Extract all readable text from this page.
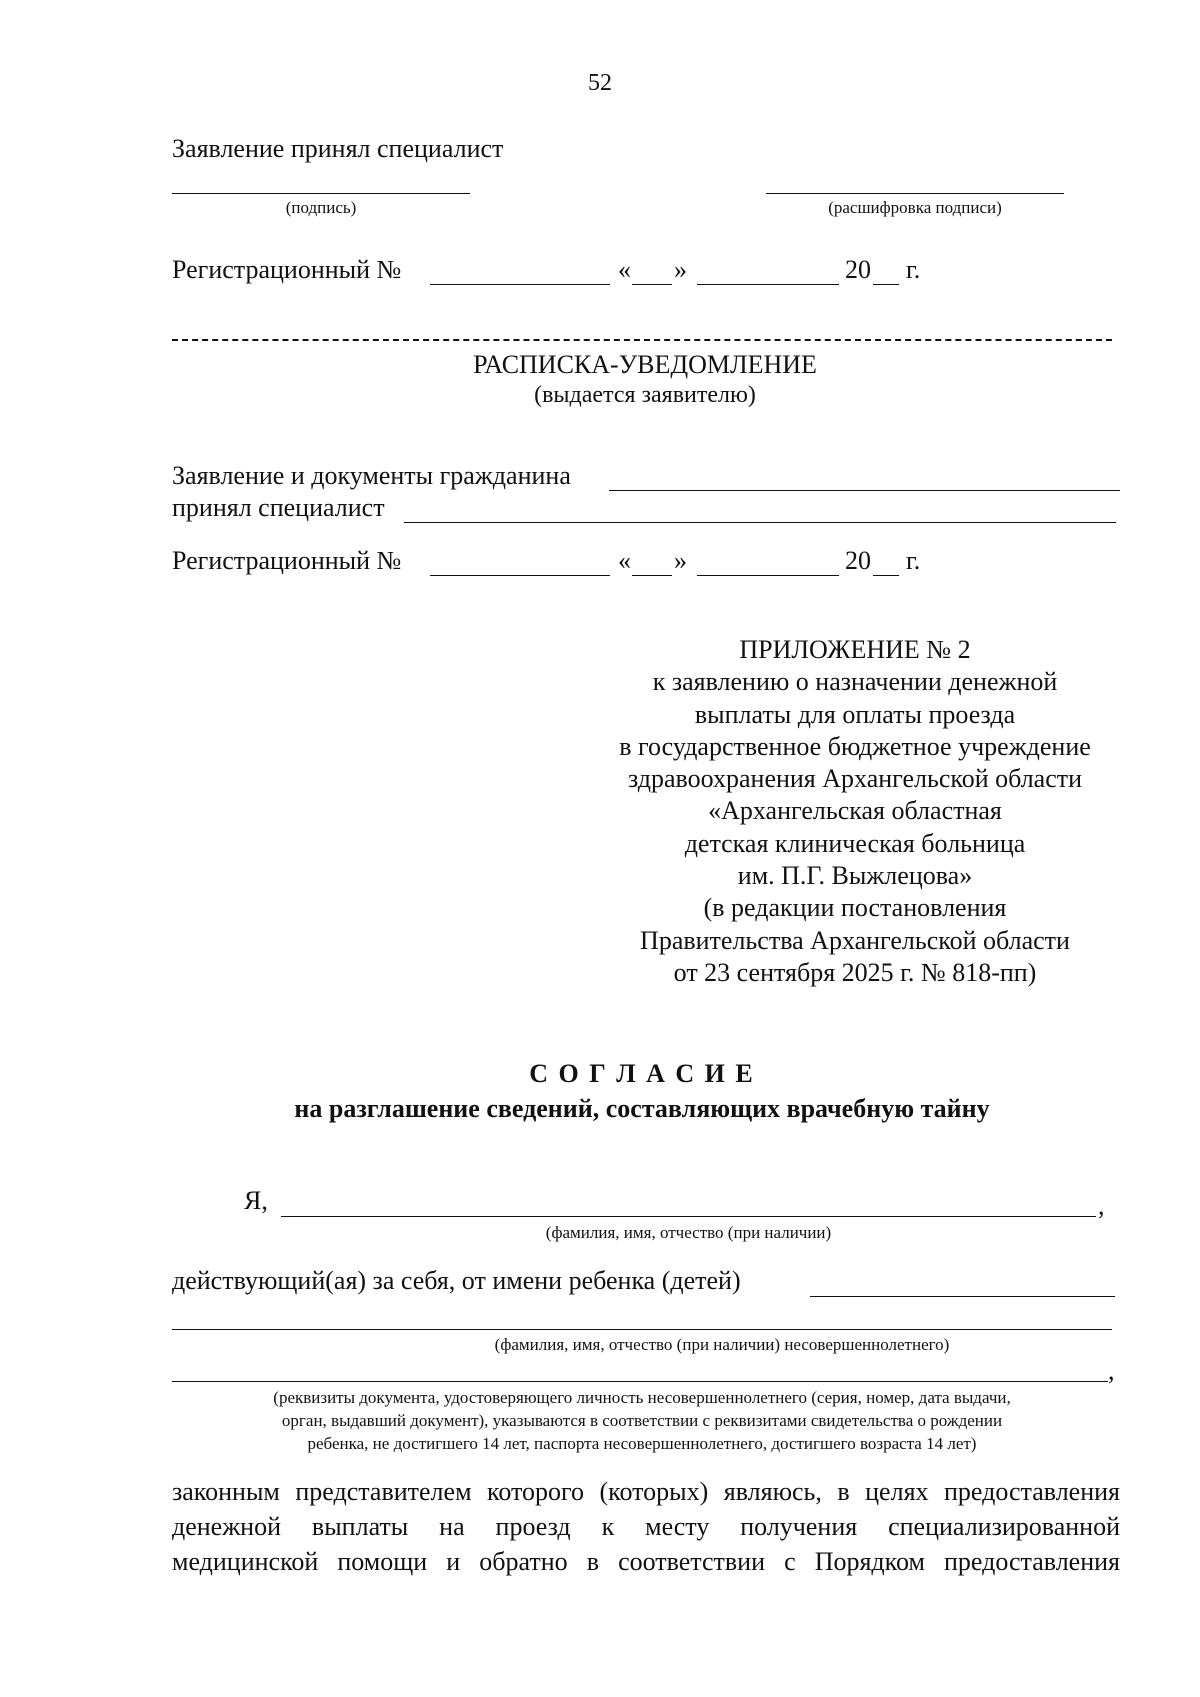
52
Заявление принял специалист
(подпись)	(расшифровка подписи)
Регистрационный №	« »	20 г.
РАСПИСКА-УВЕДОМЛЕНИЕ
(выдается заявителю)
Заявление и документы гражданина
принял специалист
Регистрационный №	« »	20 г.
ПРИЛОЖЕНИЕ № 2
к заявлению о назначении денежной
выплаты для оплаты проезда
в государственное бюджетное учреждение
здравоохранения Архангельской области
«Архангельская областная
детская клиническая больница
им. П.Г. Выжлецова»
(в редакции постановления
Правительства Архангельской области
от 23 сентября 2025 г. № 818-пп)
С О Г Л А С И Е
на разглашение сведений, составляющих врачебную тайну
Я,	,
(фамилия, имя, отчество (при наличии)
действующий(ая) за себя, от имени ребенка (детей)
(фамилия, имя, отчество (при наличии) несовершеннолетнего)
,
(реквизиты документа, удостоверяющего личность несовершеннолетнего (серия, номер, дата выдачи,
орган, выдавший документ), указываются в соответствии с реквизитами свидетельства о рождении
ребенка, не достигшего 14 лет, паспорта несовершеннолетнего, достигшего возраста 14 лет)
законным представителем которого (которых) являюсь, в целях предоставления
денежной выплаты на проезд к месту получения специализированной
медицинской помощи и обратно в соответствии с Порядком предоставления
